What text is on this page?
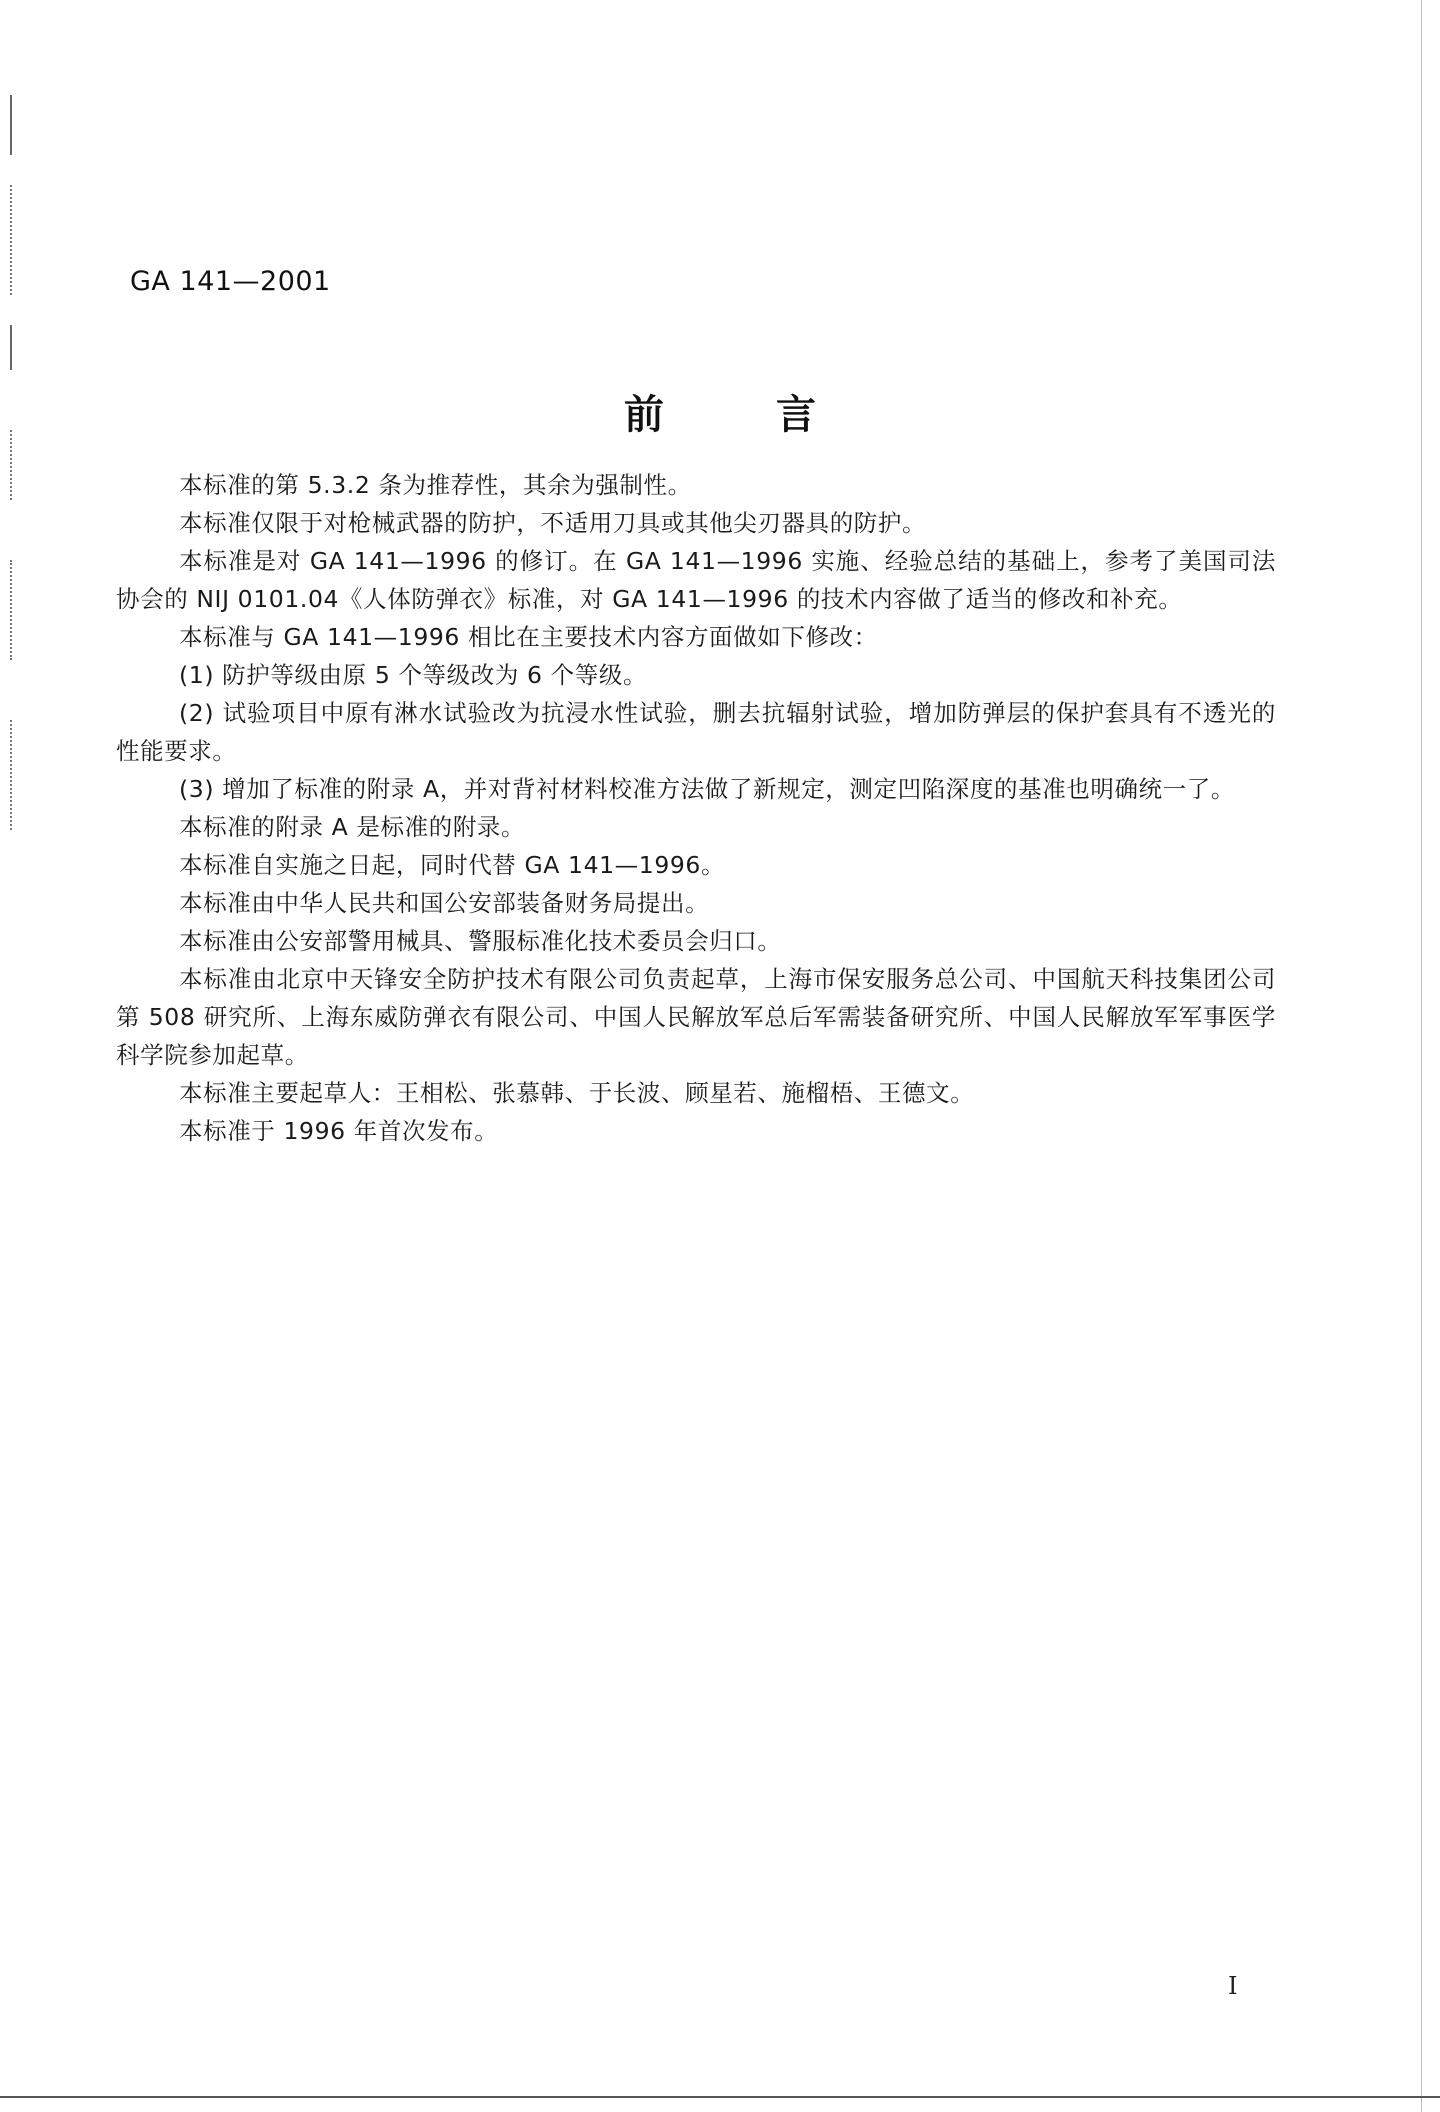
GA 141—2001
前言

本标准的第 5.3.2 条为推荐性，其余为强制性。

本标准仅限于对枪械武器的防护，不适用刀具或其他尖刃器具的防护。

本标准是对 GA 141—1996 的修订。在 GA 141—1996 实施、经验总结的基础上，参考了美国司法协会的 NIJ 0101.04《人体防弹衣》标准，对 GA 141—1996 的技术内容做了适当的修改和补充。

本标准与 GA 141—1996 相比在主要技术内容方面做如下修改：

(1) 防护等级由原 5 个等级改为 6 个等级。

(2) 试验项目中原有淋水试验改为抗浸水性试验，删去抗辐射试验，增加防弹层的保护套具有不透光的性能要求。

(3) 增加了标准的附录 A，并对背衬材料校准方法做了新规定，测定凹陷深度的基准也明确统一了。

本标准的附录 A 是标准的附录。

本标准自实施之日起，同时代替 GA 141—1996。

本标准由中华人民共和国公安部装备财务局提出。

本标准由公安部警用械具、警服标准化技术委员会归口。

本标准由北京中天锋安全防护技术有限公司负责起草，上海市保安服务总公司、中国航天科技集团公司第 508 研究所、上海东威防弹衣有限公司、中国人民解放军总后军需装备研究所、中国人民解放军军事医学科学院参加起草。

本标准主要起草人：王相松、张慕韩、于长波、顾星若、施榴梧、王德文。

本标准于 1996 年首次发布。

I
